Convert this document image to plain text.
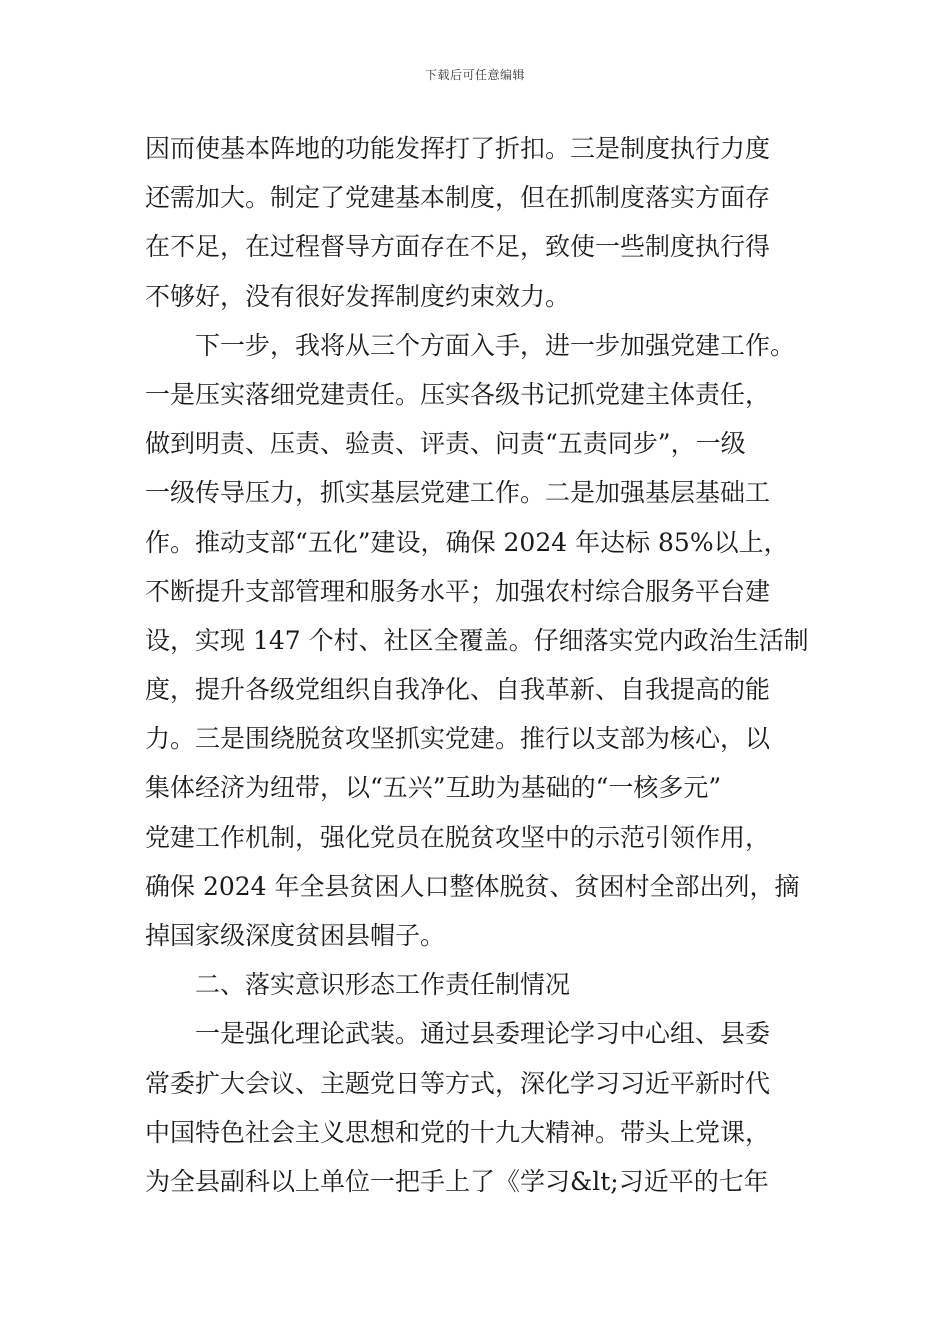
下载后可任意编辑
因而使基本阵地的功能发挥打了折扣。三是制度执行力度
还需加大。制定了党建基本制度，但在抓制度落实方面存
在不足，在过程督导方面存在不足，致使一些制度执行得
不够好，没有很好发挥制度约束效力。
下一步，我将从三个方面入手，进一步加强党建工作。
一是压实落细党建责任。压实各级书记抓党建主体责任，
做到明责、压责、验责、评责、问责“五责同步”，一级
一级传导压力，抓实基层党建工作。二是加强基层基础工
作。推动支部“五化”建设，确保 2024 年达标 85%以上，
不断提升支部管理和服务水平；加强农村综合服务平台建
设，实现 147 个村、社区全覆盖。仔细落实党内政治生活制
度，提升各级党组织自我净化、自我革新、自我提高的能
力。三是围绕脱贫攻坚抓实党建。推行以支部为核心，以
集体经济为纽带，以“五兴”互助为基础的“一核多元”
党建工作机制，强化党员在脱贫攻坚中的示范引领作用，
确保 2024 年全县贫困人口整体脱贫、贫困村全部出列，摘
掉国家级深度贫困县帽子。
二、落实意识形态工作责任制情况
一是强化理论武装。通过县委理论学习中心组、县委
常委扩大会议、主题党日等方式，深化学习习近平新时代
中国特色社会主义思想和党的十九大精神。带头上党课，
为全县副科以上单位一把手上了《学习&lt;习近平的七年
